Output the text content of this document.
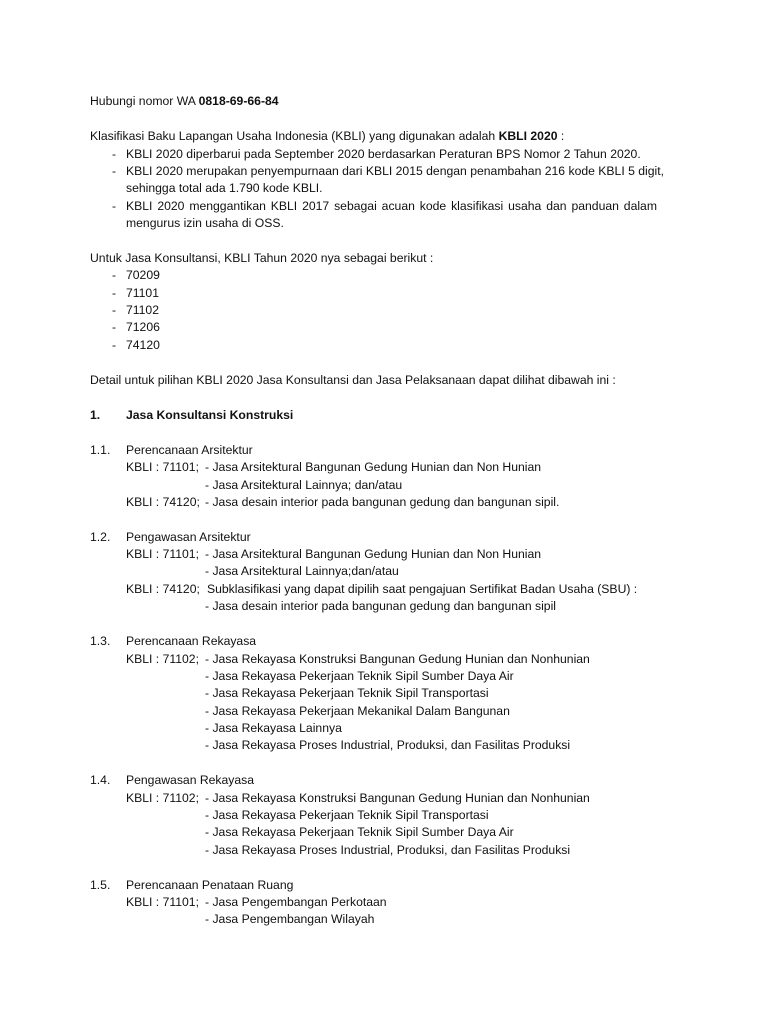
Hubungi nomor WA 0818-69-66-84
Klasifikasi Baku Lapangan Usaha Indonesia (KBLI) yang digunakan adalah KBLI 2020 :
- KBLI 2020 diperbarui pada September 2020 berdasarkan Peraturan BPS Nomor 2 Tahun 2020.
- KBLI 2020 merupakan penyempurnaan dari KBLI 2015 dengan penambahan 216 kode KBLI 5 digit,
sehingga total ada 1.790 kode KBLI.
- KBLI 2020 menggantikan KBLI 2017 sebagai acuan kode klasifikasi usaha dan panduan dalam
mengurus izin usaha di OSS.
Untuk Jasa Konsultansi, KBLI Tahun 2020 nya sebagai berikut :
- 70209
- 71101
- 71102
- 71206
- 74120
Detail untuk pilihan KBLI 2020 Jasa Konsultansi dan Jasa Pelaksanaan dapat dilihat dibawah ini :
1. Jasa Konsultansi Konstruksi
1.1. Perencanaan Arsitektur
KBLI : 71101; - Jasa Arsitektural Bangunan Gedung Hunian dan Non Hunian
- Jasa Arsitektural Lainnya; dan/atau
KBLI : 74120; - Jasa desain interior pada bangunan gedung dan bangunan sipil.
1.2. Pengawasan Arsitektur
KBLI : 71101; - Jasa Arsitektural Bangunan Gedung Hunian dan Non Hunian
- Jasa Arsitektural Lainnya;dan/atau
KBLI : 74120; Subklasifikasi yang dapat dipilih saat pengajuan Sertifikat Badan Usaha (SBU) :
- Jasa desain interior pada bangunan gedung dan bangunan sipil
1.3. Perencanaan Rekayasa
KBLI : 71102; - Jasa Rekayasa Konstruksi Bangunan Gedung Hunian dan Nonhunian
- Jasa Rekayasa Pekerjaan Teknik Sipil Sumber Daya Air
- Jasa Rekayasa Pekerjaan Teknik Sipil Transportasi
- Jasa Rekayasa Pekerjaan Mekanikal Dalam Bangunan
- Jasa Rekayasa Lainnya
- Jasa Rekayasa Proses Industrial, Produksi, dan Fasilitas Produksi
1.4. Pengawasan Rekayasa
KBLI : 71102; - Jasa Rekayasa Konstruksi Bangunan Gedung Hunian dan Nonhunian
- Jasa Rekayasa Pekerjaan Teknik Sipil Transportasi
- Jasa Rekayasa Pekerjaan Teknik Sipil Sumber Daya Air
- Jasa Rekayasa Proses Industrial, Produksi, dan Fasilitas Produksi
1.5. Perencanaan Penataan Ruang
KBLI : 71101; - Jasa Pengembangan Perkotaan
- Jasa Pengembangan Wilayah
